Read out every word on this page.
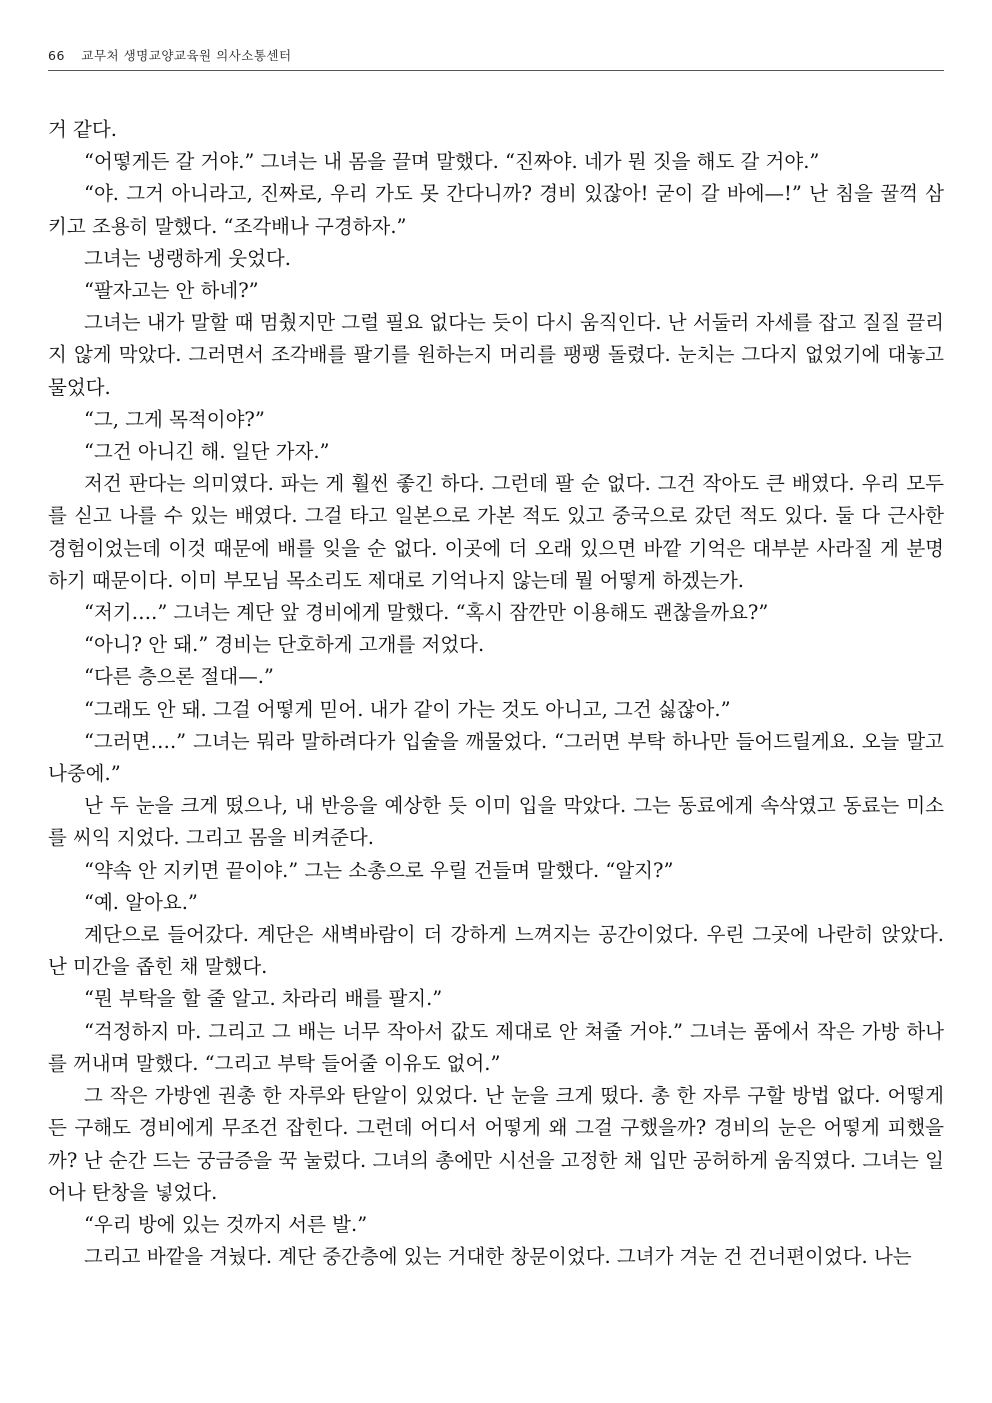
66 교무처 생명교양교육원 의사소통센터

거 같다.

“어떻게든 갈 거야.” 그녀는 내 몸을 끌며 말했다. “진짜야. 네가 뭔 짓을 해도 갈 거야.”

“야. 그거 아니라고, 진짜로, 우리 가도 못 간다니까? 경비 있잖아! 굳이 갈 바에—!” 난 침을 꿀꺽 삼키고 조용히 말했다. “조각배나 구경하자.”

그녀는 냉랭하게 웃었다.

“팔자고는 안 하네?”

그녀는 내가 말할 때 멈췄지만 그럴 필요 없다는 듯이 다시 움직인다. 난 서둘러 자세를 잡고 질질 끌리지 않게 막았다. 그러면서 조각배를 팔기를 원하는지 머리를 팽팽 돌렸다. 눈치는 그다지 없었기에 대놓고 물었다.

“그, 그게 목적이야?”

“그건 아니긴 해. 일단 가자.”

저건 판다는 의미였다. 파는 게 훨씬 좋긴 하다. 그런데 팔 순 없다. 그건 작아도 큰 배였다. 우리 모두를 싣고 나를 수 있는 배였다. 그걸 타고 일본으로 가본 적도 있고 중국으로 갔던 적도 있다. 둘 다 근사한 경험이었는데 이것 때문에 배를 잊을 순 없다. 이곳에 더 오래 있으면 바깥 기억은 대부분 사라질 게 분명하기 때문이다. 이미 부모님 목소리도 제대로 기억나지 않는데 뭘 어떻게 하겠는가.

“저기….” 그녀는 계단 앞 경비에게 말했다. “혹시 잠깐만 이용해도 괜찮을까요?”

“아니? 안 돼.” 경비는 단호하게 고개를 저었다.

“다른 층으론 절대—.”

“그래도 안 돼. 그걸 어떻게 믿어. 내가 같이 가는 것도 아니고, 그건 싫잖아.”

“그러면….” 그녀는 뭐라 말하려다가 입술을 깨물었다. “그러면 부탁 하나만 들어드릴게요. 오늘 말고 나중에.”

난 두 눈을 크게 떴으나, 내 반응을 예상한 듯 이미 입을 막았다. 그는 동료에게 속삭였고 동료는 미소를 씨익 지었다. 그리고 몸을 비켜준다.

“약속 안 지키면 끝이야.” 그는 소총으로 우릴 건들며 말했다. “알지?”

“예. 알아요.”

계단으로 들어갔다. 계단은 새벽바람이 더 강하게 느껴지는 공간이었다. 우린 그곳에 나란히 앉았다. 난 미간을 좁힌 채 말했다.

“뭔 부탁을 할 줄 알고. 차라리 배를 팔지.”

“걱정하지 마. 그리고 그 배는 너무 작아서 값도 제대로 안 쳐줄 거야.” 그녀는 품에서 작은 가방 하나를 꺼내며 말했다. “그리고 부탁 들어줄 이유도 없어.”

그 작은 가방엔 권총 한 자루와 탄알이 있었다. 난 눈을 크게 떴다. 총 한 자루 구할 방법 없다. 어떻게든 구해도 경비에게 무조건 잡힌다. 그런데 어디서 어떻게 왜 그걸 구했을까? 경비의 눈은 어떻게 피했을까? 난 순간 드는 궁금증을 꾹 눌렀다. 그녀의 총에만 시선을 고정한 채 입만 공허하게 움직였다. 그녀는 일어나 탄창을 넣었다.

“우리 방에 있는 것까지 서른 발.”

그리고 바깥을 겨눴다. 계단 중간층에 있는 거대한 창문이었다. 그녀가 겨눈 건 건너편이었다. 나는
